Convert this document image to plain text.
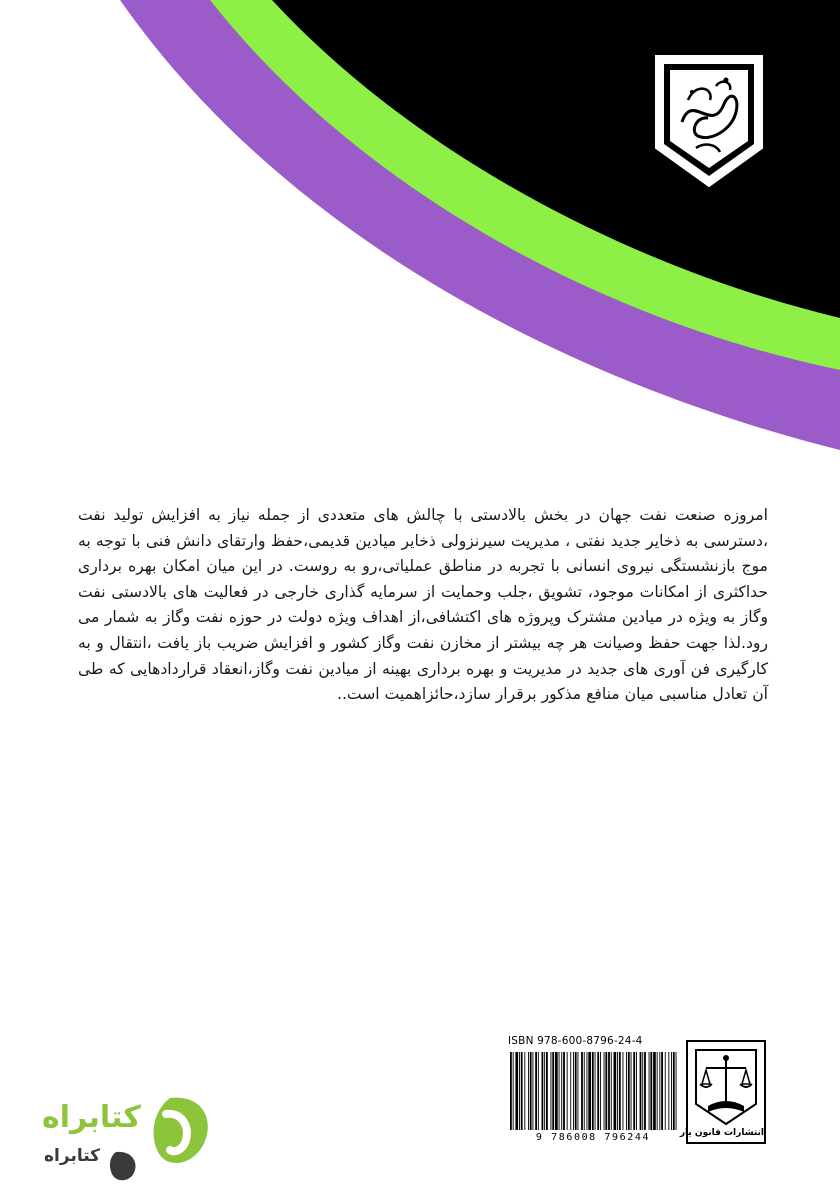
امروزه صنعت نفت جهان در بخش بالادستی با چالش های متعددی از جمله نیاز به افزایش تولید نفت ،دسترسی به ذخایر جدید نفتی ، مدیریت سیرنزولی ذخایر میادین قدیمی،حفظ وارتقای دانش فنی با توجه به موج بازنشستگی نیروی انسانی با تجربه در مناطق عملیاتی،رو به روست. در این میان امکان بهره برداری حداکثری از امکانات موجود، تشویق ،جلب وحمایت از سرمایه گذاری خارجی در فعالیت های بالادستی نفت وگاز به ویژه در میادین مشترک وپروژه های اکتشافی،از اهداف ویژه دولت در حوزه نفت وگاز به شمار می رود.لذا جهت حفظ وصیانت هر چه بیشتر از مخازن نفت وگاز کشور و افزایش ضریب باز یافت ،انتقال و به کارگیری فن آوری های جدید در مدیریت و بهره برداری بهینه از میادین نفت وگاز،انعقاد قراردادهایی که طی آن تعادل مناسبی میان منافع مذکور برقرار سازد،حائزاهمیت است..

ISBN 978-600-8796-24-4
9 786008 796244	انتشارات قانون یار
کتابراه
کتابراه
